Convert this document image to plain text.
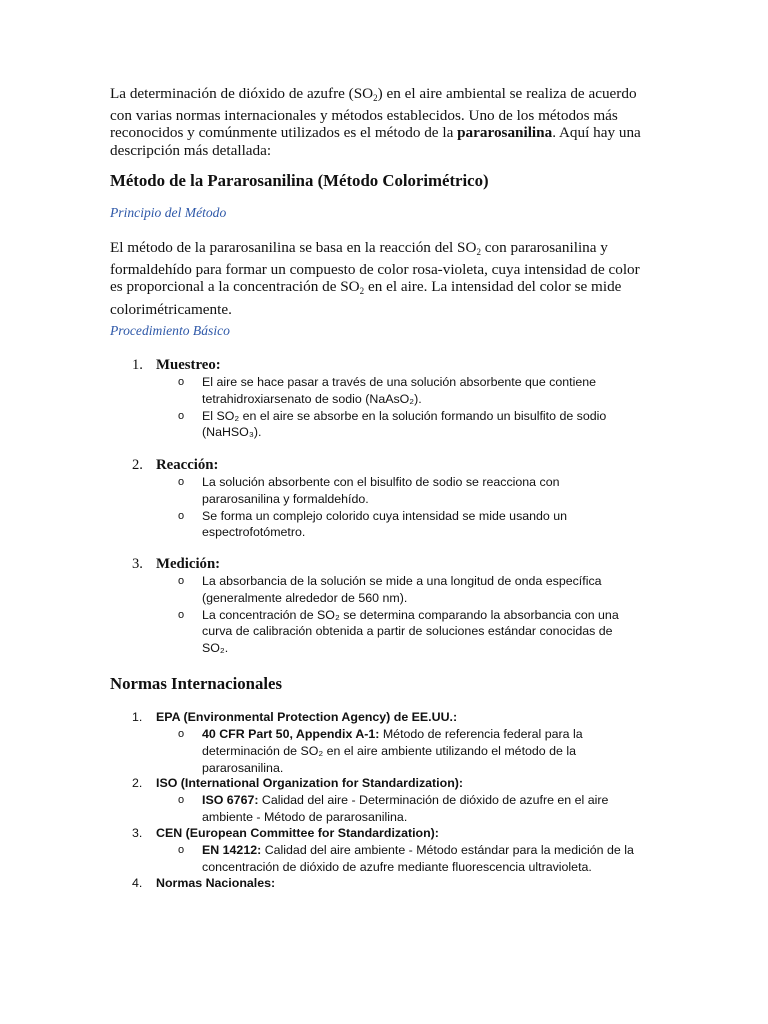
La determinación de dióxido de azufre $(SO_2)$ en el aire ambiental se realiza de acuerdo
con varias normas internacionales y métodos establecidos. Uno de los métodos más
reconocidos y comúnmente utilizados es el método de la pararosanilina. Aquí hay una
descripción más detallada:
Método de la Pararosanilina (Método Colorimétrico)
Principio del Método
El método de la pararosanilina se basa en la reacción del $SO_2$ con pararosanilina y
formaldehído para formar un compuesto de color rosa-violeta, cuya intensidad de color
es proporcional a la concentración de $SO_2$ en el aire. La intensidad del color se mide
colorimétricamente.
Procedimiento Básico
1. Muestreo:
o El aire se hace pasar a través de una solución absorbente que contiene
tetrahidroxiarsenato de sodio (NaAsO₂).
o El SO₂ en el aire se absorbe en la solución formando un bisulfito de sodio
(NaHSO₃).
2. Reacción:
o La solución absorbente con el bisulfito de sodio se reacciona con
pararosanilina y formaldehído.
o Se forma un complejo colorido cuya intensidad se mide usando un
espectrofotómetro.
3. Medición:
o La absorbancia de la solución se mide a una longitud de onda específica
(generalmente alrededor de 560 nm).
o La concentración de SO₂ se determina comparando la absorbancia con una
curva de calibración obtenida a partir de soluciones estándar conocidas de
SO₂.
Normas Internacionales
1. EPA (Environmental Protection Agency) de EE.UU.:
o 40 CFR Part 50, Appendix A-1: Método de referencia federal para la
determinación de SO₂ en el aire ambiente utilizando el método de la
pararosanilina.
2. ISO (International Organization for Standardization):
o ISO 6767: Calidad del aire - Determinación de dióxido de azufre en el aire
ambiente - Método de pararosanilina.
3. CEN (European Committee for Standardization):
o EN 14212: Calidad del aire ambiente - Método estándar para la medición de la
concentración de dióxido de azufre mediante fluorescencia ultravioleta.
4. Normas Nacionales:
